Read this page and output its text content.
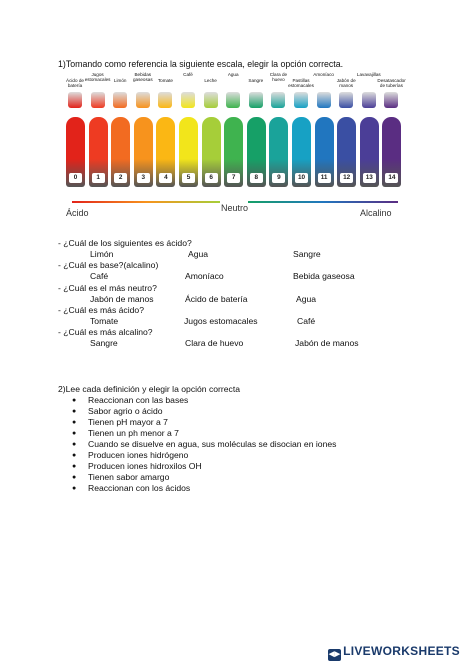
1)Tomando como referencia la siguiente escala, elegir la opción correcta.
Ácido	Neutro	Alcalino
Ácido de batería
0
Jugos estomacales
1
Limón
2
Bebidas gaseosas
3
Tomate
4
Café
5
Leche
6
Agua
7
Sangre
8
Clara de huevo
9
Pastillas estomacales
10
Amoníaco
11
Jabón de manos
12
Lavavajillas
13
Desatascador de tuberías
14
- ¿Cuál de los siguientes es ácido?
Limón	Agua	Sangre
- ¿Cuál es base?(alcalino)
Café	Amoníaco	Bebida gaseosa
- ¿Cuál es el más neutro?
Jabón de manos	Ácido de batería	Agua
- ¿Cuál es más ácido?
Tomate	Jugos estomacales	Café
- ¿Cuál es más alcalino?
Sangre	Clara de huevo	Jabón de manos
2)Lee cada definición y elegir la opción correcta
● Reaccionan con las bases
● Sabor agrio o ácido
● Tienen pH mayor a 7
● Tienen un ph menor a 7
● Cuando se disuelve en agua, sus moléculas se disocian en iones
● Producen iones hidrógeno
● Producen iones hidroxilos OH
● Tienen sabor amargo
● Reaccionan con los ácidos
◀▶ LIVEWORKSHEETS
